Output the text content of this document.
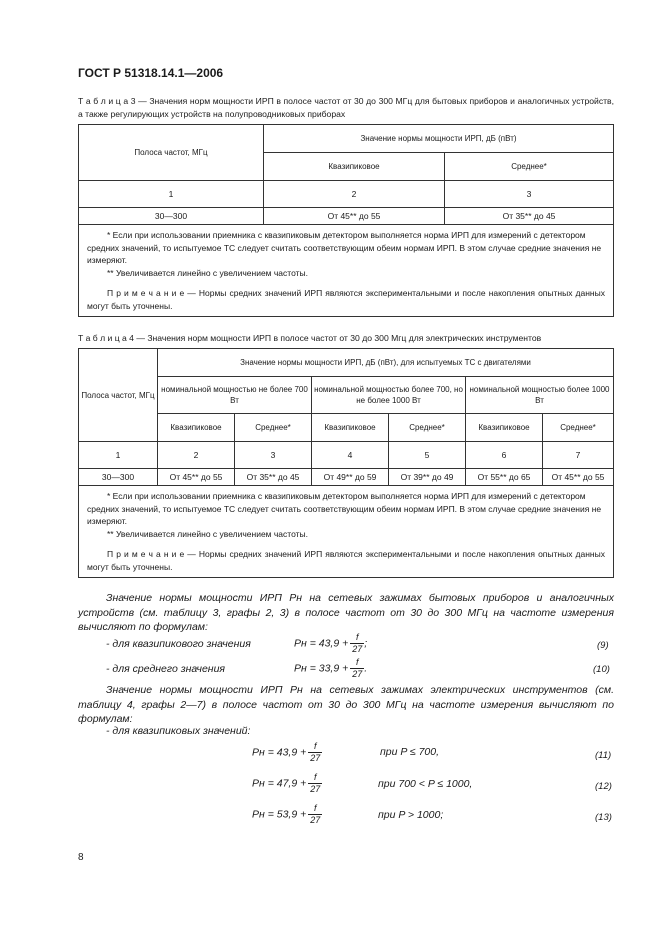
ГОСТ Р 51318.14.1—2006
Т а б л и ц а 3 — Значения норм мощности ИРП в полосе частот от 30 до 300 МГц для бытовых приборов и аналогичных устройств, а также регулирующих устройств на полупроводниковых приборах
Полоса частот, МГц	Значение нормы мощности ИРП, дБ (пВт)	
	Квазипиковое	Среднее*
1	2	3
30—300	От 45** до 55	От 35** до 45

* Если при использовании приемника с квазипиковым детектором выполняется норма ИРП для измерений с детектором средних значений, то испытуемое ТС следует считать соответствующим обеим нормам ИРП. В этом случае средние значения не измеряют.

** Увеличивается линейно с увеличением частоты.

П р и м е ч а н и е — Нормы средних значений ИРП являются экспериментальными и после накопления опытных данных могут быть уточнены.		

Т а б л и ц а 4 — Значения норм мощности ИРП в полосе частот от 30 до 300 Мгц для электрических инструментов
Полоса частот, МГц	Значение нормы мощности ИРП, дБ (пВт), для испытуемых ТС с двигателями					
	номинальной мощностью не более 700 Вт		номинальной мощностью более 700, но не более 1000 Вт		номинальной мощностью более 1000 Вт	
	Квазипиковое	Среднее*	Квазипиковое	Среднее*	Квазипиковое	Среднее*
1	2	3	4	5	6	7
30—300	От 45** до 55	От 35** до 45	От 49** до 59	От 39** до 49	От 55** до 65	От 45** до 55

* Если при использовании приемника с квазипиковым детектором выполняется норма ИРП для измерений с детектором средних значений, то испытуемое ТС следует считать соответствующим обеим нормам ИРП. В этом случае средние значения не измеряют.

** Увеличивается линейно с увеличением частоты.

П р и м е ч а н и е — Нормы средних значений ИРП являются экспериментальными и после накопления опытных данных могут быть уточнены.						

Значение нормы мощности ИРП Pн на сетевых зажимах бытовых приборов и аналогичных устройств (см. таблицу 3, графы 2, 3) в полосе частот от 30 до 300 МГц на частоте измерения вычисляют по формулам:
- для квазипикового значения	Pн = $43,9 + \frac{f}{27}$ ;	(9)
- для среднего значения	Pн = $33,9 + \frac{f}{27}$ .	(10)
Значение нормы мощности ИРП Pн на сетевых зажимах электрических инструментов (см. таблицу 4, графы 2—7) в полосе частот от 30 до 300 МГц на частоте измерения вычисляют по формулам:
- для квазипиковых значений:
Pн = $43,9 + \frac{f}{27}$	при P ≤ 700,	(11)
Pн = $47,9 + \frac{f}{27}$	при 700 < P ≤ 1000,	(12)
Pн = $53,9 + \frac{f}{27}$	при P > 1000;	(13)
8
